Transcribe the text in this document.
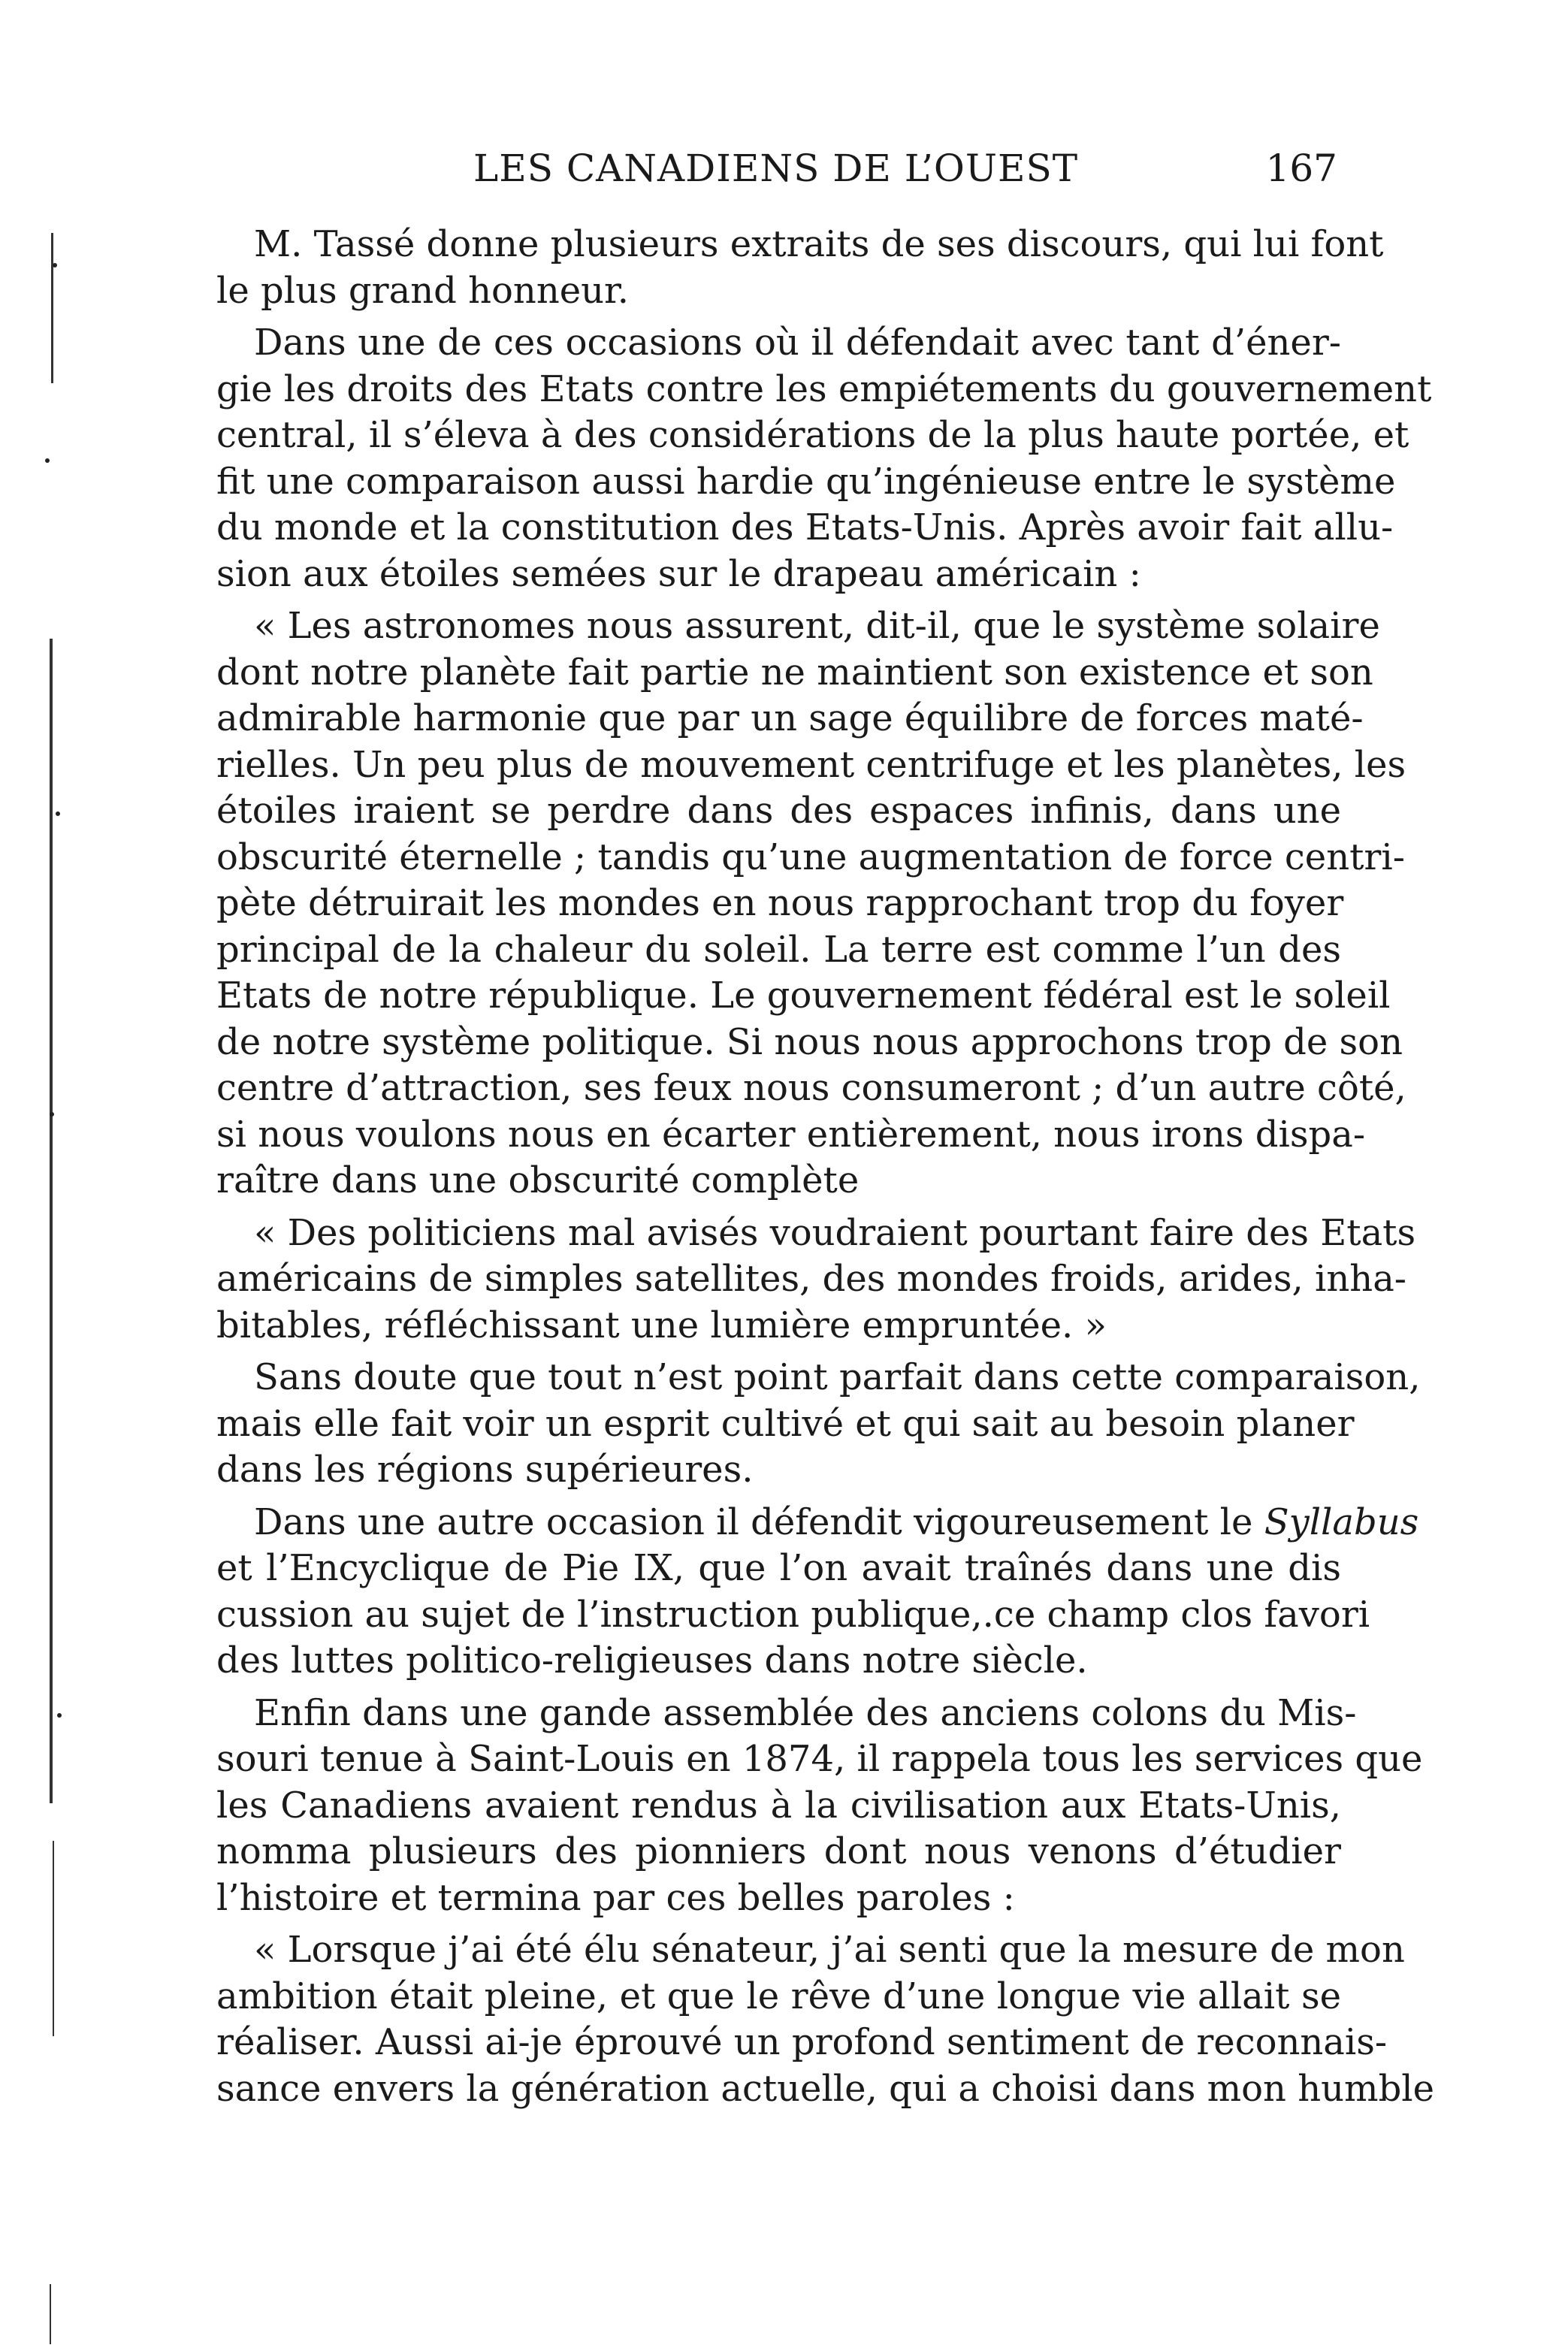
LES CANADIENS DE L’OUEST	167
M. Tassé donne plusieurs extraits de ses discours, qui lui font
le plus grand honneur.
Dans une de ces occasions où il défendait avec tant d’éner-
gie les droits des Etats contre les empiétements du gouvernement
central, il s’éleva à des considérations de la plus haute portée, et
fit une comparaison aussi hardie qu’ingénieuse entre le système
du monde et la constitution des Etats-Unis. Après avoir fait allu-
sion aux étoiles semées sur le drapeau américain :
« Les astronomes nous assurent, dit-il, que le système solaire
dont notre planète fait partie ne maintient son existence et son
admirable harmonie que par un sage équilibre de forces maté-
rielles. Un peu plus de mouvement centrifuge et les planètes, les
étoiles iraient se perdre dans des espaces infinis, dans une
obscurité éternelle ; tandis qu’une augmentation de force centri-
pète détruirait les mondes en nous rapprochant trop du foyer
principal de la chaleur du soleil. La terre est comme l’un des
Etats de notre république. Le gouvernement fédéral est le soleil
de notre système politique. Si nous nous approchons trop de son
centre d’attraction, ses feux nous consumeront ; d’un autre côté,
si nous voulons nous en écarter entièrement, nous irons dispa-
raître dans une obscurité complète
« Des politiciens mal avisés voudraient pourtant faire des Etats
américains de simples satellites, des mondes froids, arides, inha-
bitables, réfléchissant une lumière empruntée. »
Sans doute que tout n’est point parfait dans cette comparaison,
mais elle fait voir un esprit cultivé et qui sait au besoin planer
dans les régions supérieures.
Dans une autre occasion il défendit vigoureusement le Syllabus
et l’Encyclique de Pie IX, que l’on avait traînés dans une dis
cussion au sujet de l’instruction publique,.ce champ clos favori
des luttes politico-religieuses dans notre siècle.
Enfin dans une gande assemblée des anciens colons du Mis-
souri tenue à Saint-Louis en 1874, il rappela tous les services que
les Canadiens avaient rendus à la civilisation aux Etats-Unis,
nomma plusieurs des pionniers dont nous venons d’étudier
l’histoire et termina par ces belles paroles :
« Lorsque j’ai été élu sénateur, j’ai senti que la mesure de mon
ambition était pleine, et que le rêve d’une longue vie allait se
réaliser. Aussi ai-je éprouvé un profond sentiment de reconnais-
sance envers la génération actuelle, qui a choisi dans mon humble
